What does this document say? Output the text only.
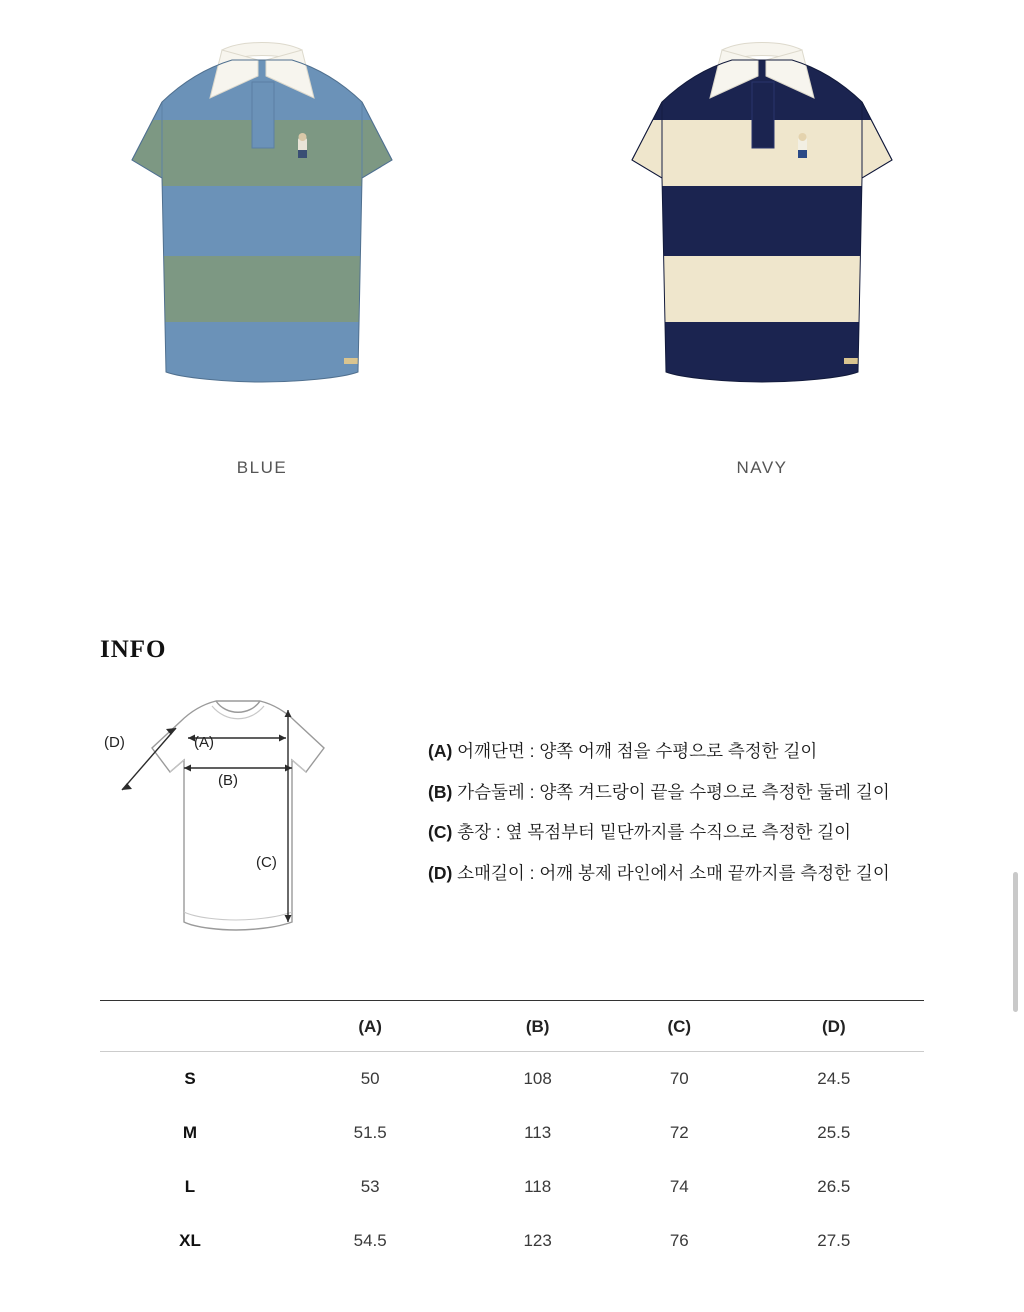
BLUE	NAVY
INFO
(A)
(B)
(C)
(D)	(A) 어깨단면 : 양쪽 어깨 점을 수평으로 측정한 길이
(B) 가슴둘레 : 양쪽 겨드랑이 끝을 수평으로 측정한 둘레 길이
(C) 총장 : 옆 목점부터 밑단까지를 수직으로 측정한 길이
(D) 소매길이 : 어깨 봉제 라인에서 소매 끝까지를 측정한 길이
	(A)	(B)	(C)	(D)
S	50	108	70	24.5
M	51.5	113	72	25.5
L	53	118	74	26.5
XL	54.5	123	76	27.5
